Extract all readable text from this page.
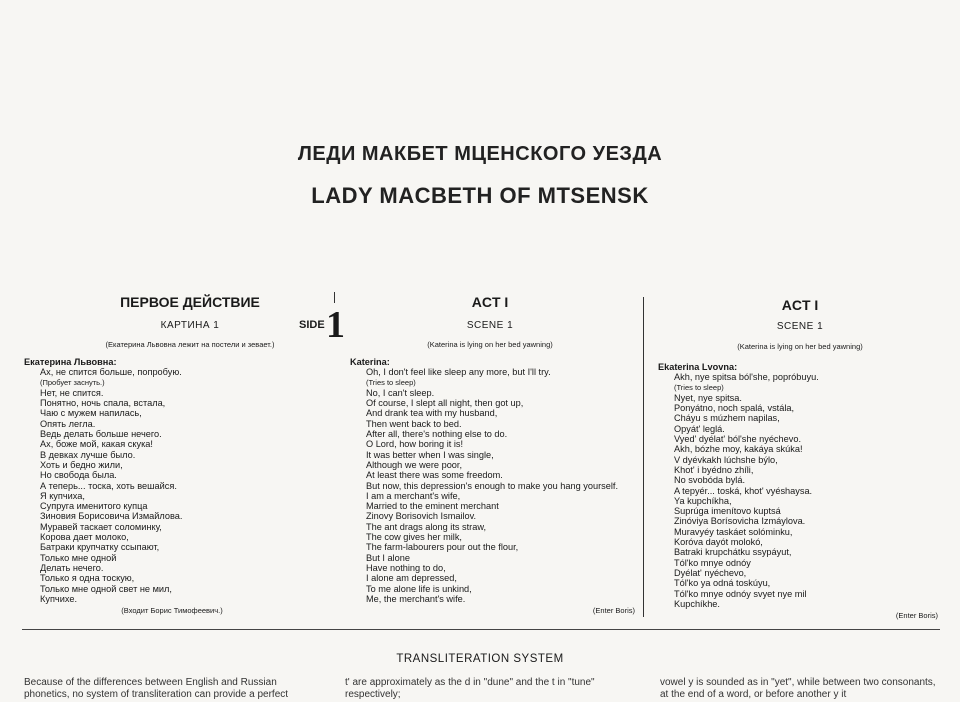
ЛЕДИ МАКБЕТ МЦЕНСКОГО УЕЗДА
LADY MACBETH OF MTSENSK
ПЕРВОЕ ДЕЙСТВИЕ
КАРТИНА 1
(Екатерина Львовна лежит на постели и зевает.)
Екатерина Львовна:
Ах, не спится больше, попробую.
(Пробует заснуть.)
Нет, не спится.
Понятно, ночь спала, встала,
Чаю с мужем напилась,
Опять легла.
Ведь делать больше нечего.
Ах, боже мой, какая скука!
В девках лучше было.
Хоть и бедно жили,
Но свобода была.
А теперь... тоска, хоть вешайся.
Я купчиха,
Супруга именитого купца
Зиновия Борисовича Измайлова.
Муравей таскает соломинку,
Корова дает молоко,
Батраки крупчатку ссыпают,
Только мне одной
Делать нечего.
Только я одна тоскую,
Только мне одной свет не мил,
Купчихе.
(Входит Борис Тимофеевич.)
SIDE 1
ACT I
SCENE 1
(Katerina is lying on her bed yawning)
Katerina:
Oh, I don't feel like sleep any more, but I'll try.
(Tries to sleep)
No, I can't sleep.
Of course, I slept all night, then got up,
And drank tea with my husband,
Then went back to bed.
After all, there's nothing else to do.
O Lord, how boring it is!
It was better when I was single,
Although we were poor,
At least there was some freedom.
But now, this depression's enough to make you hang yourself.
I am a merchant's wife,
Married to the eminent merchant
Zinovy Borisovich Ismailov.
The ant drags along its straw,
The cow gives her milk,
The farm-labourers pour out the flour,
But I alone
Have nothing to do,
I alone am depressed,
To me alone life is unkind,
Me, the merchant's wife.
(Enter Boris)
ACT I
SCENE 1
(Katerina is lying on her bed yawning)
Ekaterina Lvovna:
Akh, nye spitsa ból'she, popróbuyu.
(Tries to sleep)
Nyet, nye spitsa.
Ponyátno, noch spalá, vstála,
Cháyu s múzhem napilas,
Opyát' leglá.
Vyed' dyélat' ból'she nyéchevo.
Akh, bózhe moy, kakáya skúka!
V dyévkakh lúchshe býlo,
Khot' i byédno zhíli,
No svobóda bylá.
A tepyér... toská, khot' vyéshaysa.
Ya kupchíkha,
Suprúga imenítovo kuptsá
Zinóviya Borísovicha Izmáylova.
Muravyéy taskáet solóminku,
Koróva dayót molokó,
Batraki krupchátku ssypáyut,
Tól'ko mnye odnóy
Dyélat' nyéchevo,
Tól'ko ya odná toskúyu,
Tól'ko mnye odnóy svyet nye mil
Kupchíkhe.
(Enter Boris)
TRANSLITERATION SYSTEM
Because of the differences between English and Russian phonetics, no system of transliteration can provide a perfect
t' are approximately as the d in "dune" and the t in "tune" respectively;
vowel y is sounded as in "yet", while between two consonants, at the end of a word, or before another y it
